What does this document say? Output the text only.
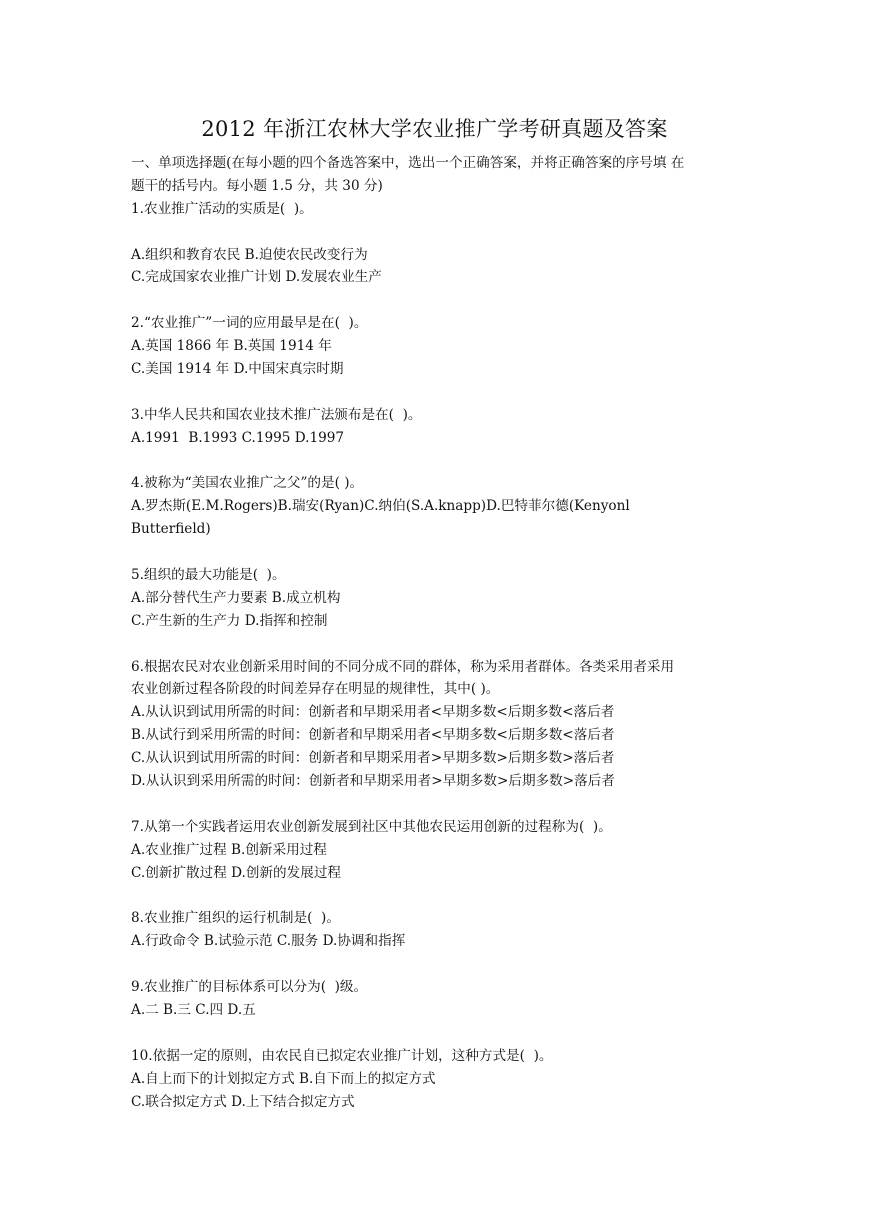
2012 年浙江农林大学农业推广学考研真题及答案
一、单项选择题(在每小题的四个备选答案中，选出一个正确答案，并将正确答案的序号填 在
题干的括号内。每小题 1.5 分，共 30 分)
1.农业推广活动的实质是(  )。
A.组织和教育农民 B.迫使农民改变行为
C.完成国家农业推广计划 D.发展农业生产
2.“农业推广”一词的应用最早是在(  )。
A.英国 1866 年 B.英国 1914 年
C.美国 1914 年 D.中国宋真宗时期
3.中华人民共和国农业技术推广法颁布是在(  )。
A.1991  B.1993 C.1995 D.1997
4.被称为“美国农业推广之父”的是( )。
A.罗杰斯(E.M.Rogers)B.瑞安(Ryan)C.纳伯(S.A.knapp)D.巴特菲尔德(Kenyonl
Butterfield)
5.组织的最大功能是(  )。
A.部分替代生产力要素 B.成立机构
C.产生新的生产力 D.指挥和控制
6.根据农民对农业创新采用时间的不同分成不同的群体，称为采用者群体。各类采用者采用
农业创新过程各阶段的时间差异存在明显的规律性，其中( )。
A.从认识到试用所需的时间：创新者和早期采用者<早期多数<后期多数<落后者
B.从试行到采用所需的时间：创新者和早期采用者<早期多数<后期多数<落后者
C.从认识到试用所需的时间：创新者和早期采用者>早期多数>后期多数>落后者
D.从认识到采用所需的时间：创新者和早期采用者>早期多数>后期多数>落后者
7.从第一个实践者运用农业创新发展到社区中其他农民运用创新的过程称为(  )。
A.农业推广过程 B.创新采用过程
C.创新扩散过程 D.创新的发展过程
8.农业推广组织的运行机制是(  )。
A.行政命令 B.试验示范 C.服务 D.协调和指挥
9.农业推广的目标体系可以分为(  )级。
A.二 B.三 C.四 D.五
10.依据一定的原则，由农民自已拟定农业推广计划，这种方式是(  )。
A.自上而下的计划拟定方式 B.自下而上的拟定方式
C.联合拟定方式 D.上下结合拟定方式
